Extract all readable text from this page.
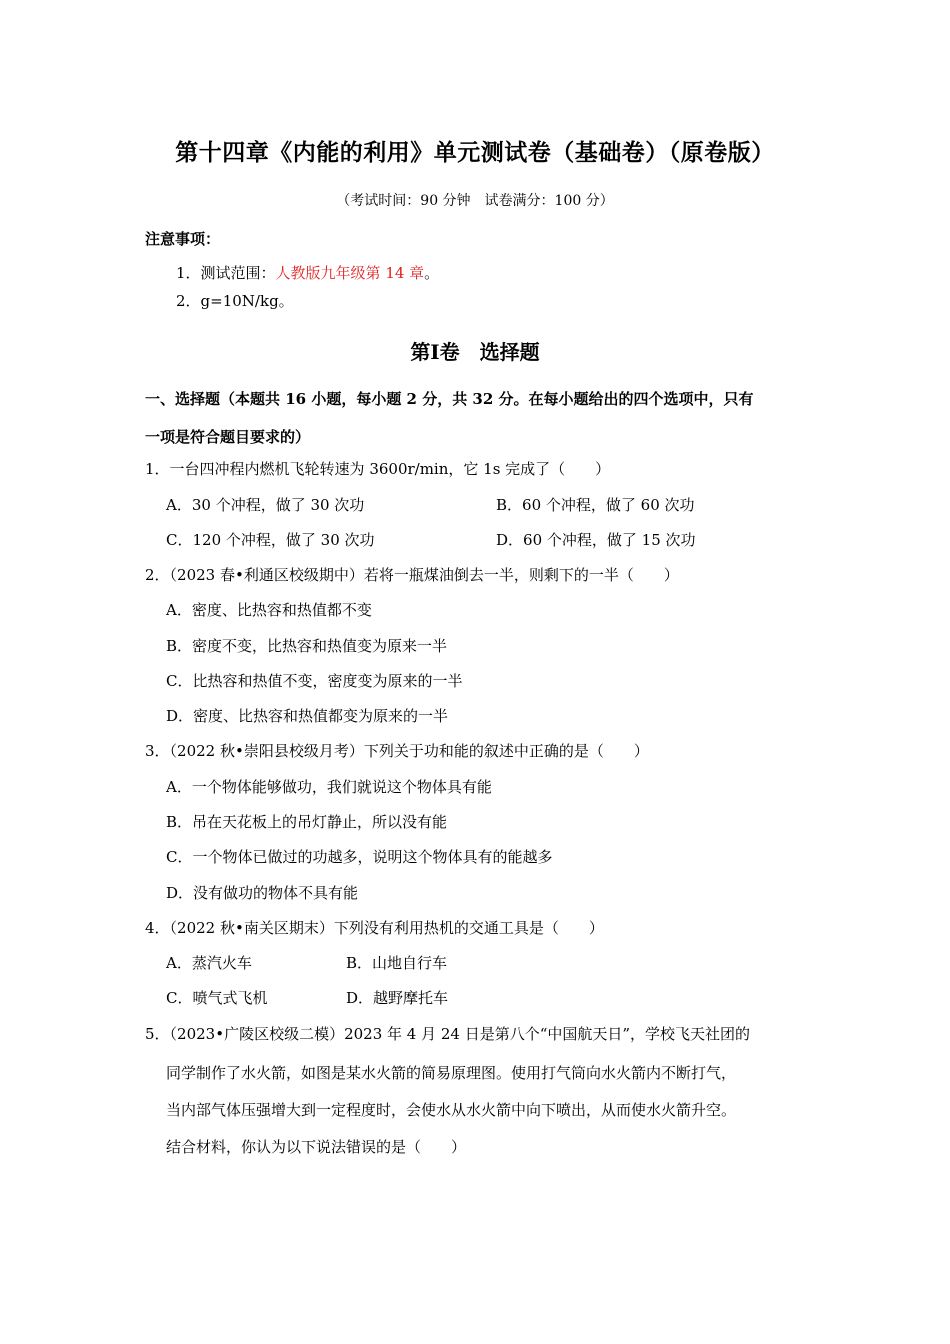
第十四章《内能的利用》单元测试卷（基础卷）（原卷版）
（考试时间：90 分钟　试卷满分：100 分）
注意事项：
1．测试范围：人教版九年级第 14 章。
2．g=10N/kg。
第Ⅰ卷　选择题
一、选择题（本题共 16 小题，每小题 2 分，共 32 分。在每小题给出的四个选项中，只有
一项是符合题目要求的）
1．一台四冲程内燃机飞轮转速为 3600r/min，它 1s 完成了（　　）
A．30 个冲程，做了 30 次功	B．60 个冲程，做了 60 次功
C．120 个冲程，做了 30 次功	D．60 个冲程，做了 15 次功
2．（2023 春•利通区校级期中）若将一瓶煤油倒去一半，则剩下的一半（　　）
A．密度、比热容和热值都不变
B．密度不变，比热容和热值变为原来一半
C．比热容和热值不变，密度变为原来的一半
D．密度、比热容和热值都变为原来的一半
3．（2022 秋•崇阳县校级月考）下列关于功和能的叙述中正确的是（　　）
A．一个物体能够做功，我们就说这个物体具有能
B．吊在天花板上的吊灯静止，所以没有能
C．一个物体已做过的功越多，说明这个物体具有的能越多
D．没有做功的物体不具有能
4．（2022 秋•南关区期末）下列没有利用热机的交通工具是（　　）
A．蒸汽火车	B．山地自行车
C．喷气式飞机	D．越野摩托车
5．（2023•广陵区校级二模）2023 年 4 月 24 日是第八个“中国航天日”，学校飞天社团的
同学制作了水火箭，如图是某水火箭的简易原理图。使用打气筒向水火箭内不断打气，
当内部气体压强增大到一定程度时，会使水从水火箭中向下喷出，从而使水火箭升空。
结合材料，你认为以下说法错误的是（　　）
